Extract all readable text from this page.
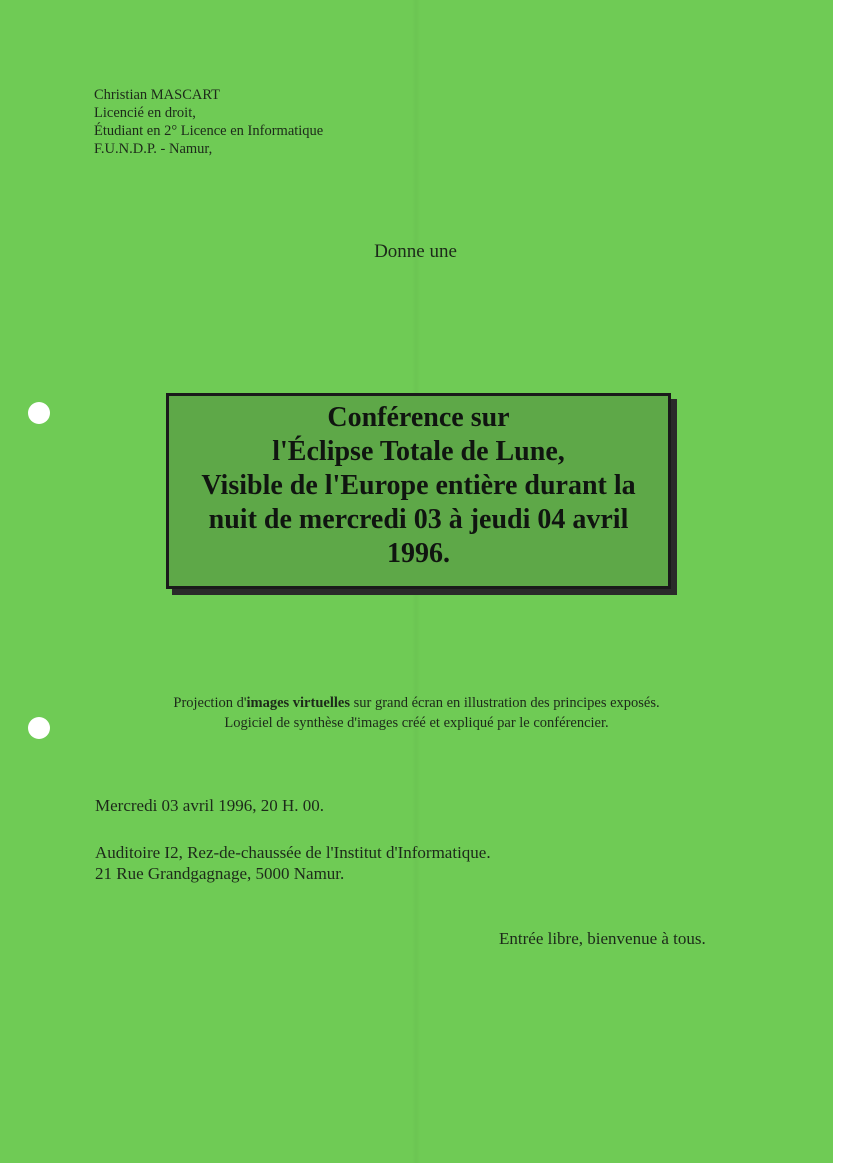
Christian MASCART
Licencié en droit,
Étudiant en 2° Licence en Informatique
F.U.N.D.P. - Namur,
Donne une
Conférence sur
l'Éclipse Totale de Lune,
Visible de l'Europe entière durant la
nuit de mercredi 03 à jeudi 04 avril
1996.
Projection d'images virtuelles sur grand écran en illustration des principes exposés.
Logiciel de synthèse d'images créé et expliqué par le conférencier.
Mercredi 03 avril 1996, 20 H. 00.
Auditoire I2, Rez-de-chaussée de l'Institut d'Informatique.
21 Rue Grandgagnage, 5000 Namur.
Entrée libre, bienvenue à tous.
